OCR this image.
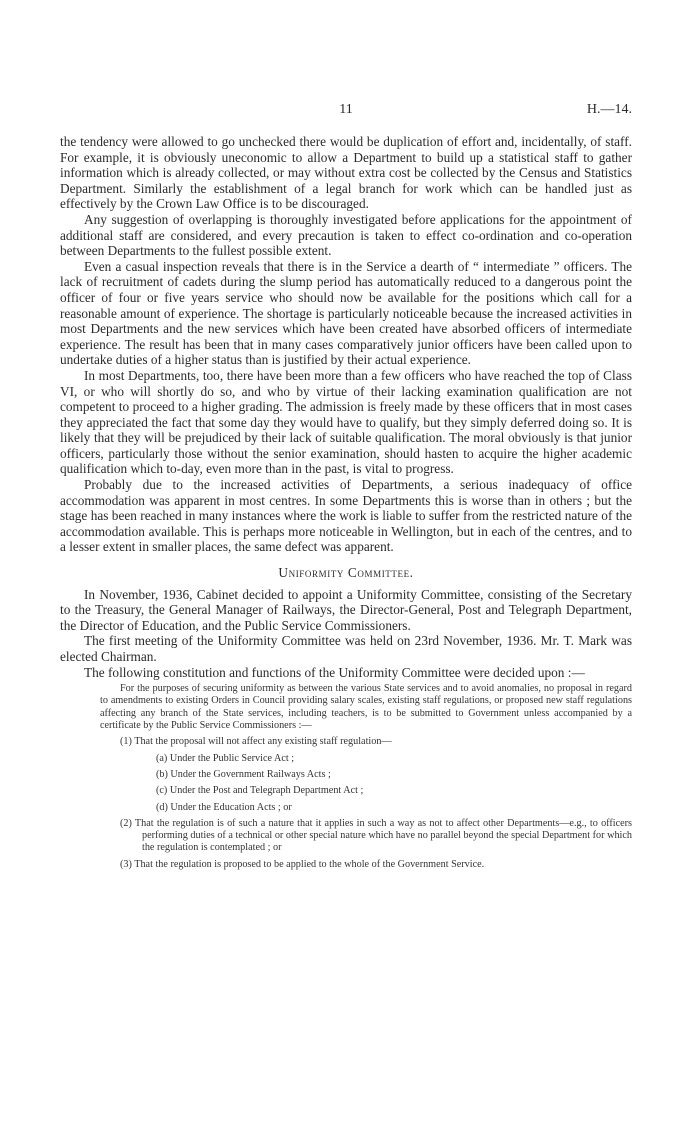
11	H.—14.

the tendency were allowed to go unchecked there would be duplication of effort and, incidentally, of staff. For example, it is obviously uneconomic to allow a Department to build up a statistical staff to gather information which is already collected, or may without extra cost be collected by the Census and Statistics Department. Similarly the establishment of a legal branch for work which can be handled just as effectively by the Crown Law Office is to be discouraged.

Any suggestion of overlapping is thoroughly investigated before applications for the appointment of additional staff are considered, and every precaution is taken to effect co-ordination and co-operation between Departments to the fullest possible extent.

Even a casual inspection reveals that there is in the Service a dearth of “ intermediate ” officers. The lack of recruitment of cadets during the slump period has automatically reduced to a dangerous point the officer of four or five years service who should now be available for the positions which call for a reasonable amount of experience. The shortage is particularly noticeable because the increased activities in most Departments and the new services which have been created have absorbed officers of intermediate experience. The result has been that in many cases comparatively junior officers have been called upon to undertake duties of a higher status than is justified by their actual experience.

In most Departments, too, there have been more than a few officers who have reached the top of Class VI, or who will shortly do so, and who by virtue of their lacking examination qualification are not competent to proceed to a higher grading. The admission is freely made by these officers that in most cases they appreciated the fact that some day they would have to qualify, but they simply deferred doing so. It is likely that they will be prejudiced by their lack of suitable qualification. The moral obviously is that junior officers, particularly those without the senior examination, should hasten to acquire the higher academic qualification which to-day, even more than in the past, is vital to progress.

Probably due to the increased activities of Departments, a serious inadequacy of office accommodation was apparent in most centres. In some Departments this is worse than in others ; but the stage has been reached in many instances where the work is liable to suffer from the restricted nature of the accommodation available. This is perhaps more noticeable in Wellington, but in each of the centres, and to a lesser extent in smaller places, the same defect was apparent.

Uniformity Committee.

In November, 1936, Cabinet decided to appoint a Uniformity Committee, consisting of the Secretary to the Treasury, the General Manager of Railways, the Director-General, Post and Telegraph Department, the Director of Education, and the Public Service Commissioners.

The first meeting of the Uniformity Committee was held on 23rd November, 1936. Mr. T. Mark was elected Chairman.

The following constitution and functions of the Uniformity Committee were decided upon :—

For the purposes of securing uniformity as between the various State services and to avoid anomalies, no proposal in regard to amendments to existing Orders in Council providing salary scales, existing staff regulations, or proposed new staff regulations affecting any branch of the State services, including teachers, is to be submitted to Government unless accompanied by a certificate by the Public Service Commissioners :—

(1) That the proposal will not affect any existing staff regulation—
(a) Under the Public Service Act ;
(b) Under the Government Railways Acts ;
(c) Under the Post and Telegraph Department Act ;
(d) Under the Education Acts ; or
(2) That the regulation is of such a nature that it applies in such a way as not to affect other Departments—e.g., to officers performing duties of a technical or other special nature which have no parallel beyond the special Department for which the regulation is contemplated ; or
(3) That the regulation is proposed to be applied to the whole of the Government Service.
